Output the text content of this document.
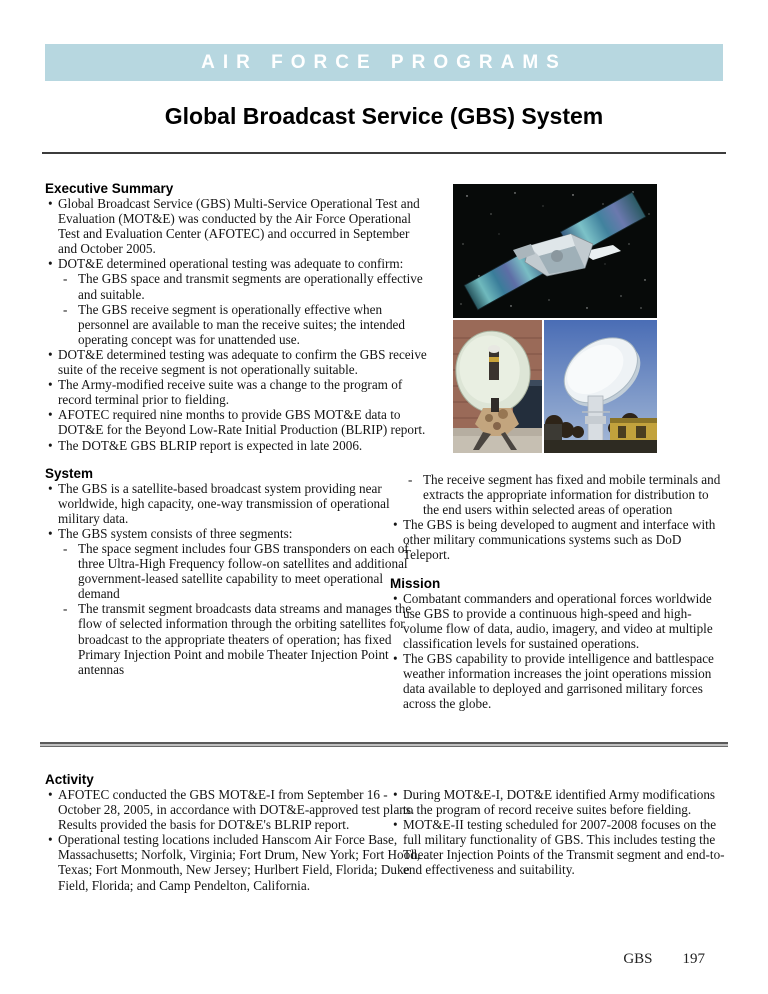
AIR FORCE PROGRAMS
Global Broadcast Service (GBS) System
Executive Summary
• Global Broadcast Service (GBS) Multi-Service Operational Test and Evaluation (MOT&E) was conducted by the Air Force Operational Test and Evaluation Center (AFOTEC) and occurred in September and October 2005.
• DOT&E determined operational testing was adequate to confirm:
- The GBS space and transmit segments are operationally effective and suitable.
- The GBS receive segment is operationally effective when personnel are available to man the receive suites; the intended operating concept was for unattended use.
• DOT&E determined testing was adequate to confirm the GBS receive suite of the receive segment is not operationally suitable.
• The Army-modified receive suite was a change to the program of record terminal prior to fielding.
• AFOTEC required nine months to provide GBS MOT&E data to DOT&E for the Beyond Low-Rate Initial Production (BLRIP) report.
• The DOT&E GBS BLRIP report is expected in late 2006.
System
• The GBS is a satellite-based broadcast system providing near worldwide, high capacity, one-way transmission of operational military data.
• The GBS system consists of three segments:
- The space segment includes four GBS transponders on each of three Ultra-High Frequency follow-on satellites and additional government-leased satellite capability to meet operational demand
- The transmit segment broadcasts data streams and manages the flow of selected information through the orbiting satellites for broadcast to the appropriate theaters of operation; has fixed Primary Injection Point and mobile Theater Injection Point antennas
- The receive segment has fixed and mobile terminals and extracts the appropriate information for distribution to the end users within selected areas of operation
• The GBS is being developed to augment and interface with other military communications systems such as DoD Teleport.
Mission
• Combatant commanders and operational forces worldwide use GBS to provide a continuous high-speed and high-volume flow of data, audio, imagery, and video at multiple classification levels for sustained operations.
• The GBS capability to provide intelligence and battlespace weather information increases the joint operations mission data available to deployed and garrisoned military forces across the globe.
Activity
• AFOTEC conducted the GBS MOT&E-I from September 16 - October 28, 2005, in accordance with DOT&E-approved test plans. Results provided the basis for DOT&E's BLRIP report.
• Operational testing locations included Hanscom Air Force Base, Massachusetts; Norfolk, Virginia; Fort Drum, New York; Fort Hood, Texas; Fort Monmouth, New Jersey; Hurlbert Field, Florida; Duke Field, Florida; and Camp Pendelton, California.
• During MOT&E-I, DOT&E identified Army modifications to the program of record receive suites before fielding.
• MOT&E-II testing scheduled for 2007-2008 focuses on the full military functionality of GBS. This includes testing the Theater Injection Points of the Transmit segment and end-to-end effectiveness and suitability.
GBS 197
